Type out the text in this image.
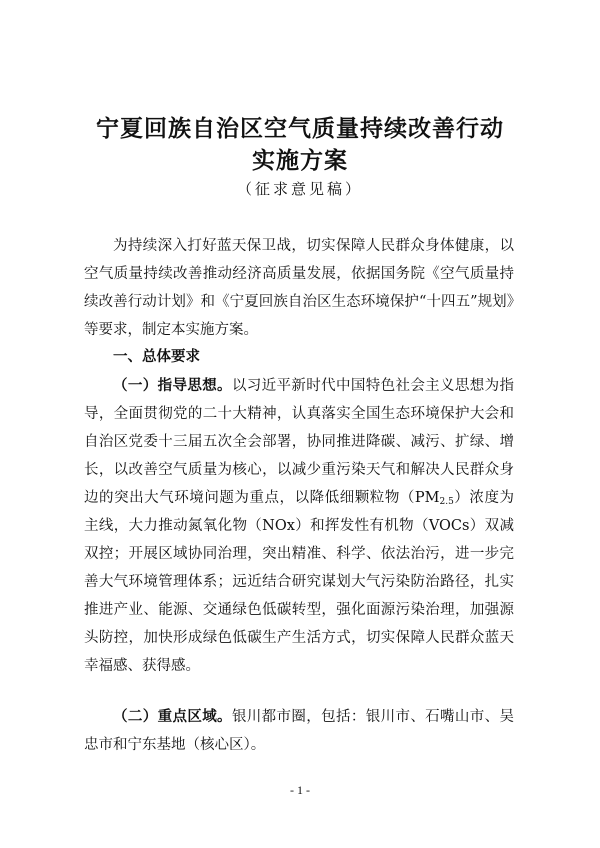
宁夏回族自治区空气质量持续改善行动
实施方案

（征求意见稿）

为持续深入打好蓝天保卫战，切实保障人民群众身体健康，以空气质量持续改善推动经济高质量发展，依据国务院《空气质量持续改善行动计划》和《宁夏回族自治区生态环境保护“十四五”规划》等要求，制定本实施方案。

一、总体要求

（一）指导思想。以习近平新时代中国特色社会主义思想为指导，全面贯彻党的二十大精神，认真落实全国生态环境保护大会和自治区党委十三届五次全会部署，协同推进降碳、减污、扩绿、增长，以改善空气质量为核心，以减少重污染天气和解决人民群众身边的突出大气环境问题为重点，以降低细颗粒物$(PM_{2.5})$浓度为主线，大力推动氮氧化物（NOx）和挥发性有机物（VOCs）双减双控；开展区域协同治理，突出精准、科学、依法治污，进一步完善大气环境管理体系；远近结合研究谋划大气污染防治路径，扎实推进产业、能源、交通绿色低碳转型，强化面源污染治理，加强源头防控，加快形成绿色低碳生产生活方式，切实保障人民群众蓝天幸福感、获得感。

（二）重点区域。银川都市圈，包括：银川市、石嘴山市、吴忠市和宁东基地（核心区）。

- 1 -
